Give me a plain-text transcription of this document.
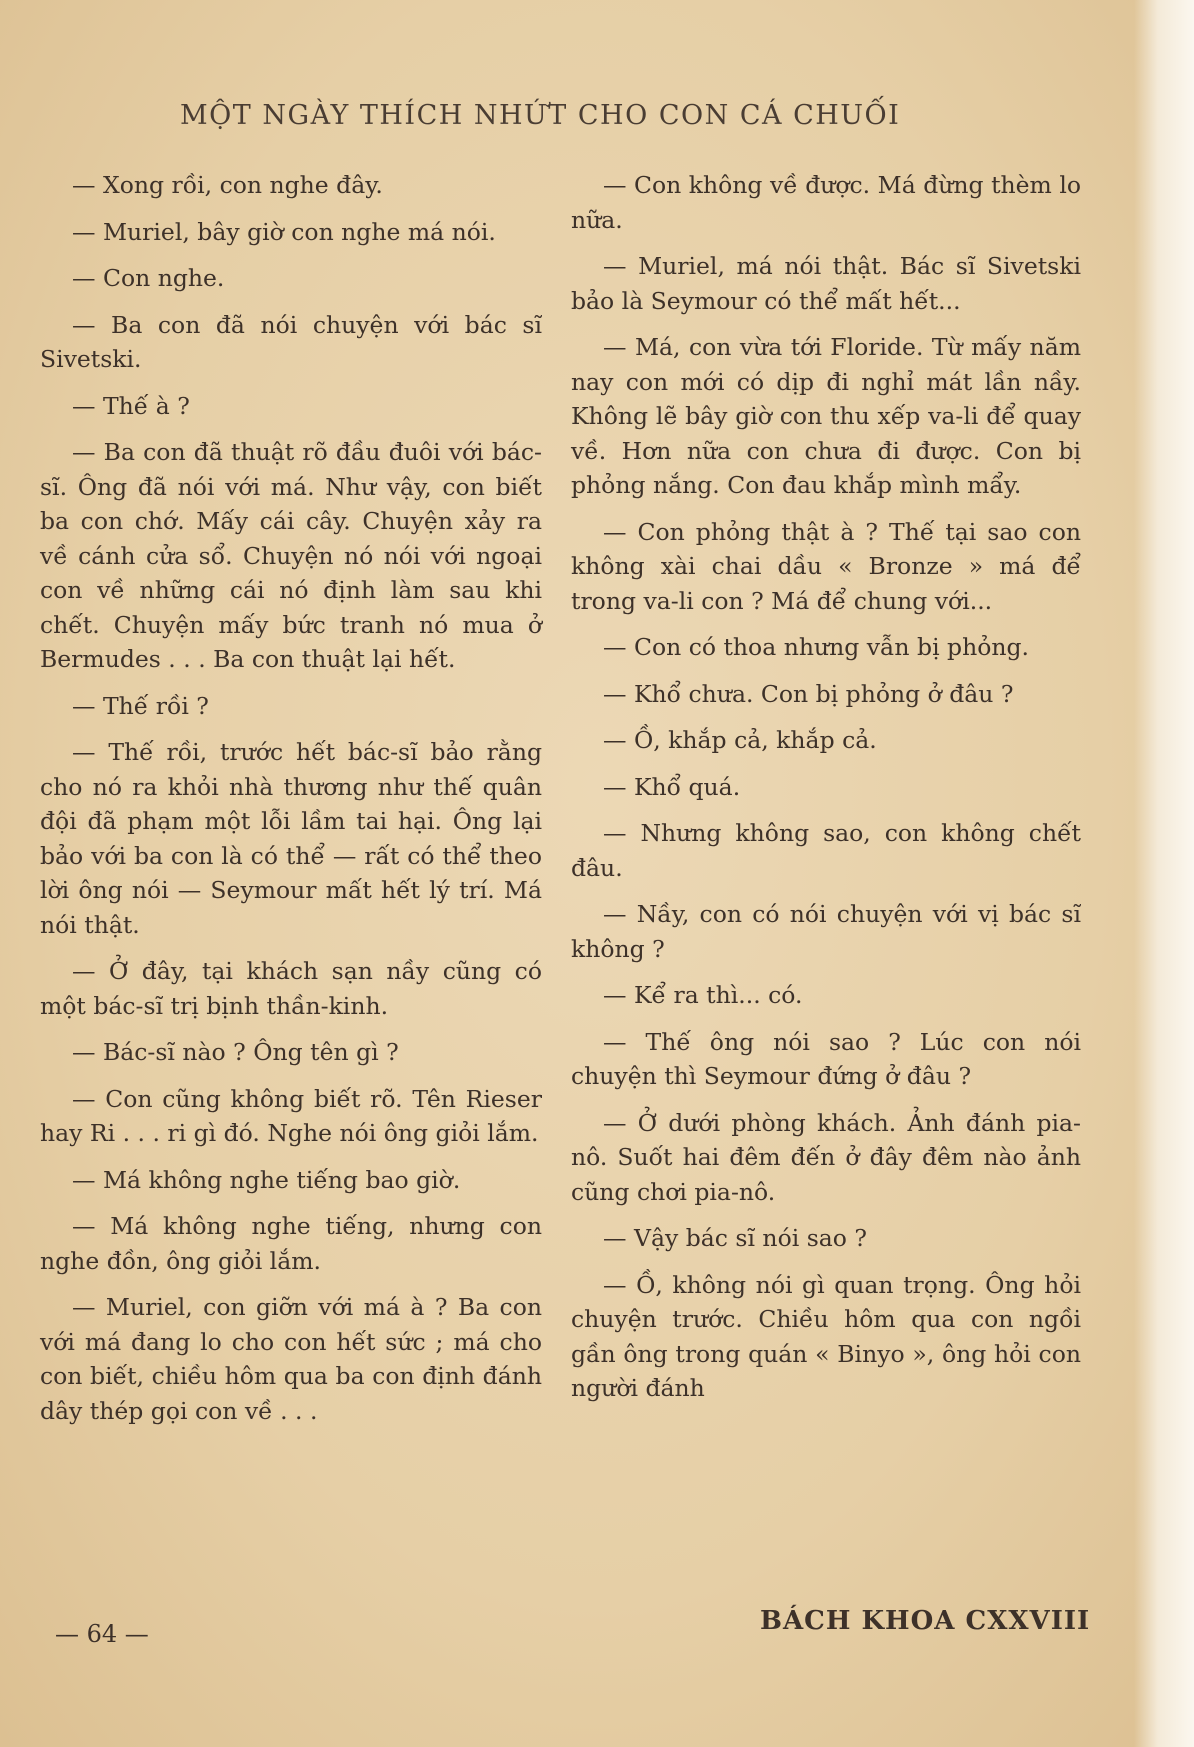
MỘT NGÀY THÍCH NHỨT CHO CON CÁ CHUỐI

— Xong rồi, con nghe đây.

— Muriel, bây giờ con nghe má nói.

— Con nghe.

— Ba con đã nói chuyện với bác sĩ Sivetski.

— Thế à ?

— Ba con đã thuật rõ đầu đuôi với bác-sĩ. Ông đã nói với má. Như vậy, con biết ba con chớ. Mấy cái cây. Chuyện xảy ra về cánh cửa sổ. Chuyện nó nói với ngoại con về những cái nó định làm sau khi chết. Chuyện mấy bức tranh nó mua ở Bermudes . . . Ba con thuật lại hết.

— Thế rồi ?

— Thế rồi, trước hết bác-sĩ bảo rằng cho nó ra khỏi nhà thương như thế quân đội đã phạm một lỗi lầm tai hại. Ông lại bảo với ba con là có thể — rất có thể theo lời ông nói — Seymour mất hết lý trí. Má nói thật.

— Ở đây, tại khách sạn nầy cũng có một bác-sĩ trị bịnh thần-kinh.

— Bác-sĩ nào ? Ông tên gì ?

— Con cũng không biết rõ. Tên Rieser hay Ri . . . ri gì đó. Nghe nói ông giỏi lắm.

— Má không nghe tiếng bao giờ.

— Má không nghe tiếng, nhưng con nghe đồn, ông giỏi lắm.

— Muriel, con giỡn với má à ? Ba con với má đang lo cho con hết sức ; má cho con biết, chiều hôm qua ba con định đánh dây thép gọi con về . . .

— Con không về được. Má đừng thèm lo nữa.

— Muriel, má nói thật. Bác sĩ Sivetski bảo là Seymour có thể mất hết...

— Má, con vừa tới Floride. Từ mấy năm nay con mới có dịp đi nghỉ mát lần nầy. Không lẽ bây giờ con thu xếp va-li để quay về. Hơn nữa con chưa đi được. Con bị phỏng nắng. Con đau khắp mình mẩy.

— Con phỏng thật à ? Thế tại sao con không xài chai dầu « Bronze » má để trong va-li con ? Má để chung với...

— Con có thoa nhưng vẫn bị phỏng.

— Khổ chưa. Con bị phỏng ở đâu ?

— Ồ, khắp cả, khắp cả.

— Khổ quá.

— Nhưng không sao, con không chết đâu.

— Nầy, con có nói chuyện với vị bác sĩ không ?

— Kể ra thì... có.

— Thế ông nói sao ? Lúc con nói chuyện thì Seymour đứng ở đâu ?

— Ở dưới phòng khách. Ảnh đánh pia-nô. Suốt hai đêm đến ở đây đêm nào ảnh cũng chơi pia-nô.

— Vậy bác sĩ nói sao ?

— Ồ, không nói gì quan trọng. Ông hỏi chuyện trước. Chiều hôm qua con ngồi gần ông trong quán « Binyo », ông hỏi con người đánh

— 64 —	BÁCH KHOA CXXVIII
